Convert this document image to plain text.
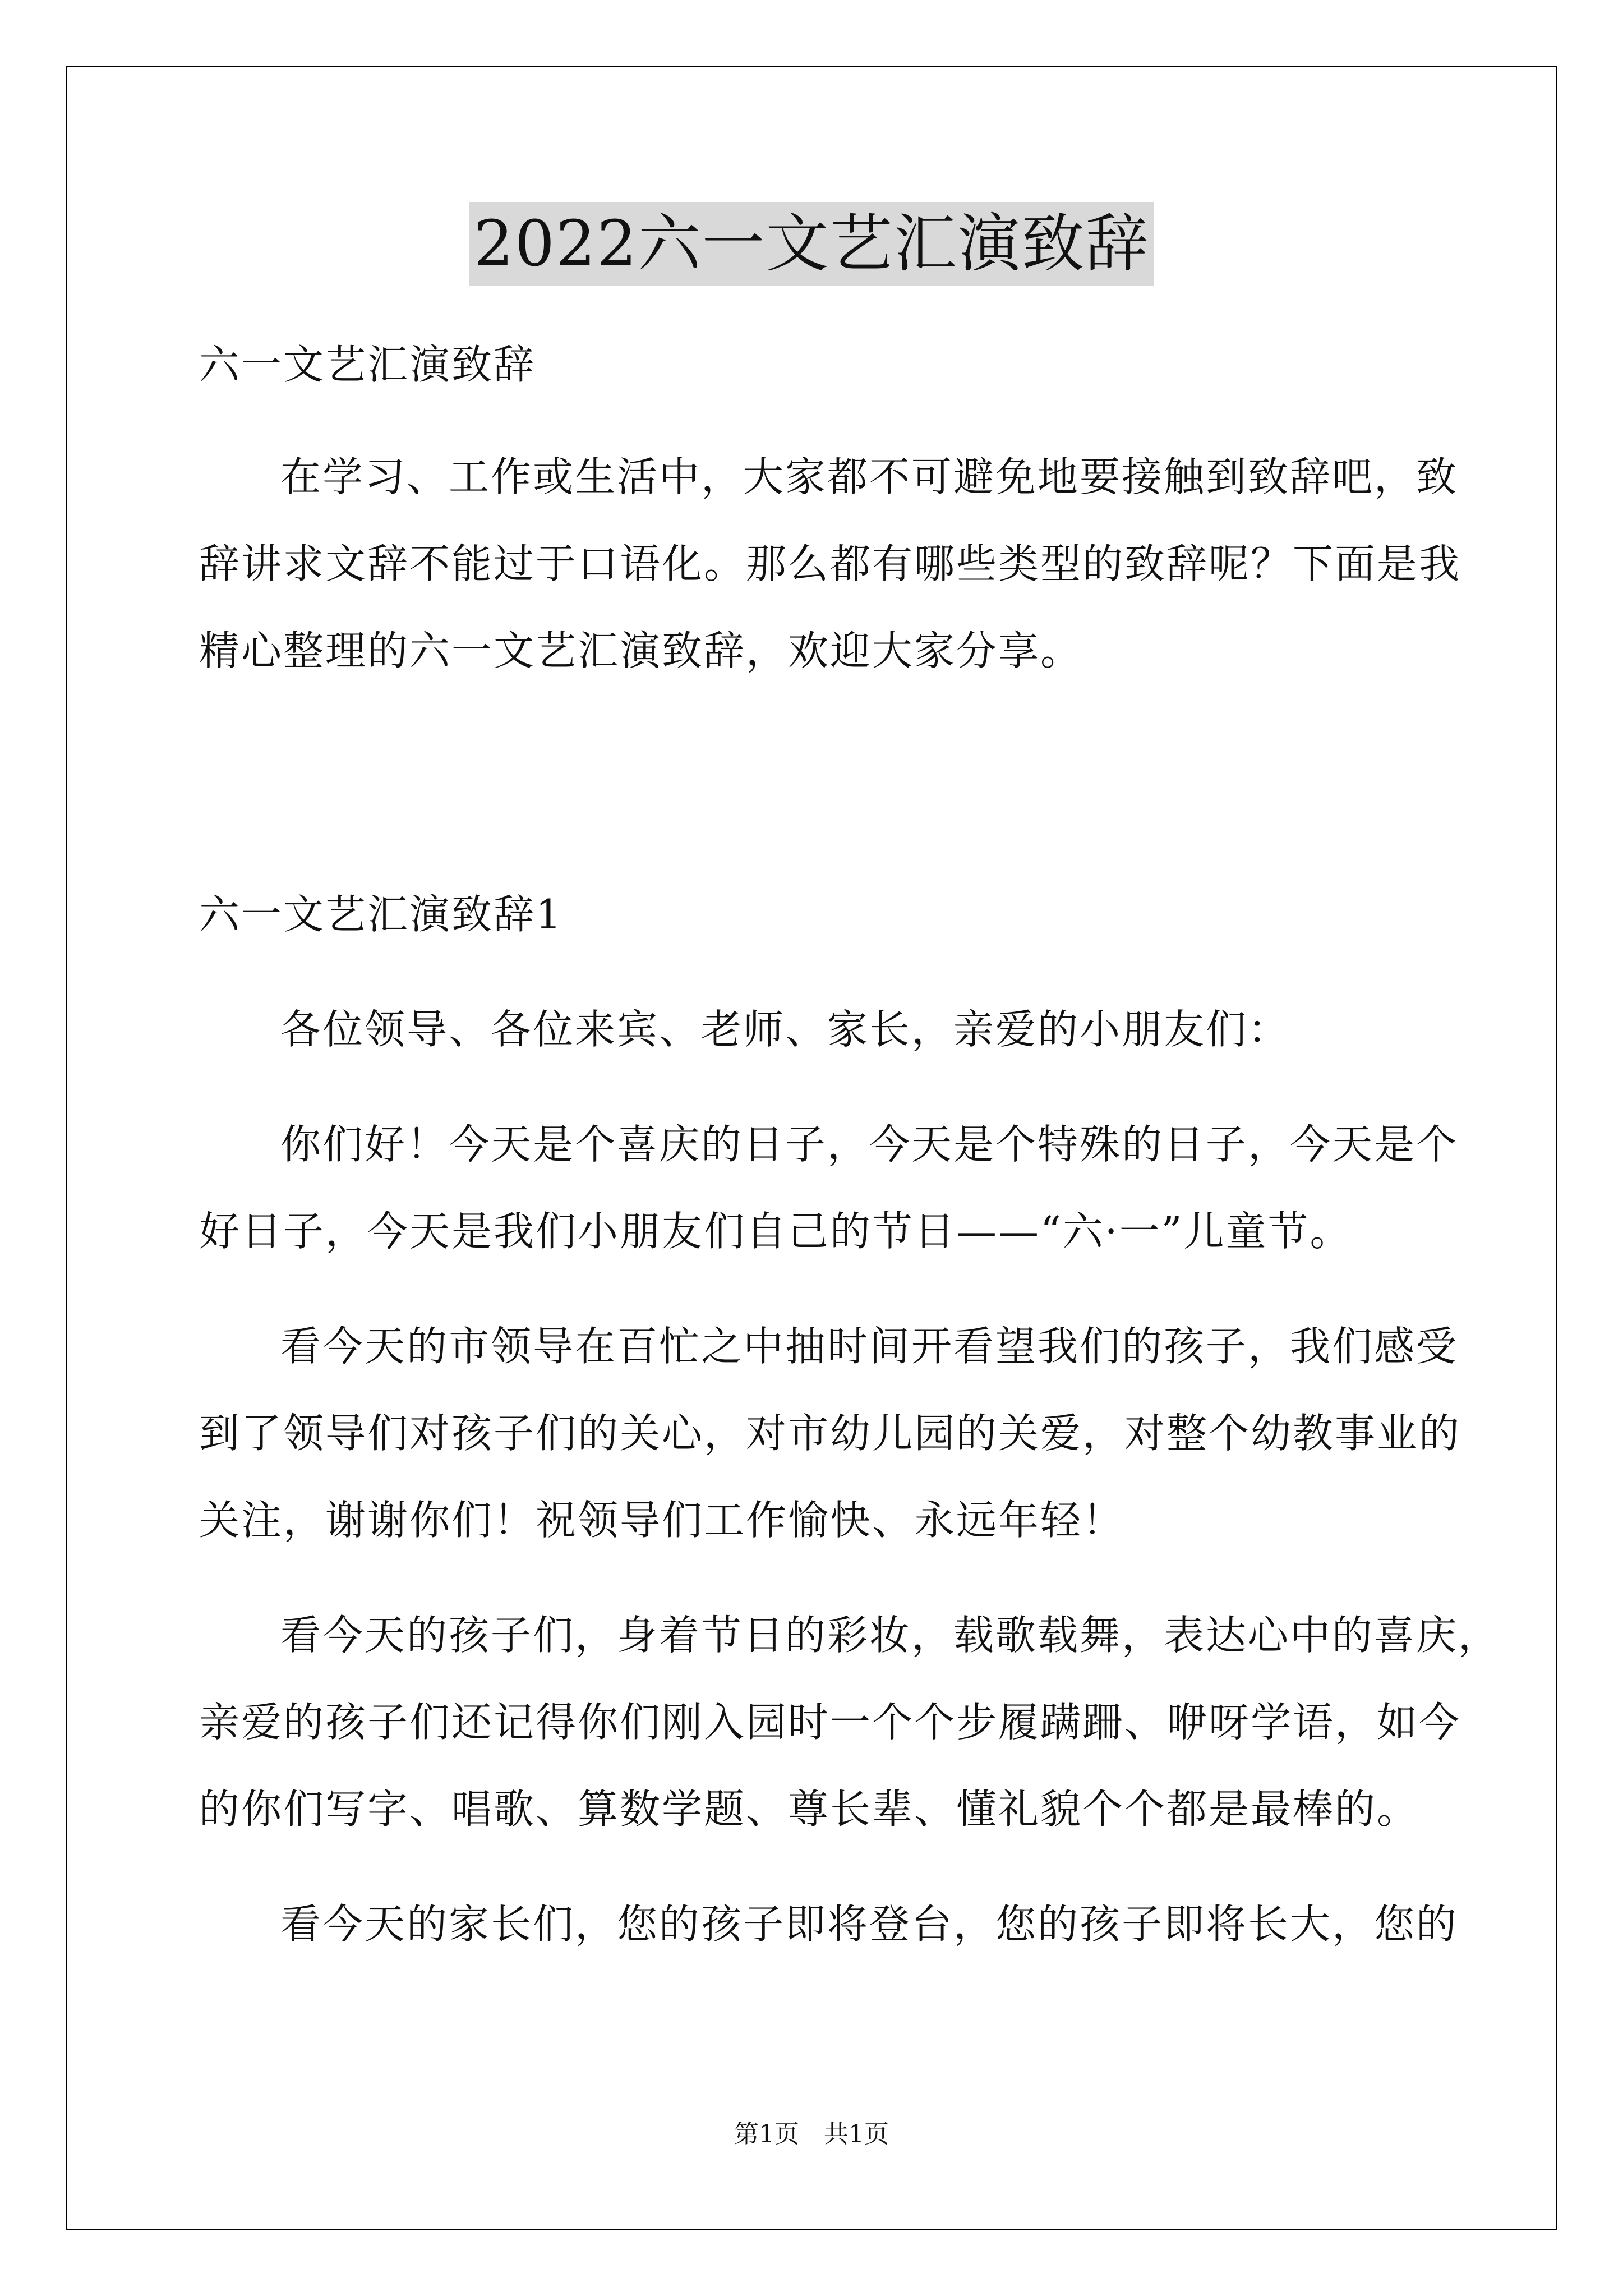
2022六一文艺汇演致辞
六一文艺汇演致辞
在学习、工作或生活中，大家都不可避免地要接触到致辞吧，致
辞讲求文辞不能过于口语化。那么都有哪些类型的致辞呢？下面是我
精心整理的六一文艺汇演致辞，欢迎大家分享。
六一文艺汇演致辞1
各位领导、各位来宾、老师、家长，亲爱的小朋友们：
你们好！今天是个喜庆的日子，今天是个特殊的日子，今天是个
好日子，今天是我们小朋友们自己的节日——“六·一”儿童节。
看今天的市领导在百忙之中抽时间开看望我们的孩子，我们感受
到了领导们对孩子们的关心，对市幼儿园的关爱，对整个幼教事业的
关注，谢谢你们！祝领导们工作愉快、永远年轻！
看今天的孩子们，身着节日的彩妆，载歌载舞，表达心中的喜庆，
亲爱的孩子们还记得你们刚入园时一个个步履蹒跚、咿呀学语，如今
的你们写字、唱歌、算数学题、尊长辈、懂礼貌个个都是最棒的。
看今天的家长们，您的孩子即将登台，您的孩子即将长大，您的
第1页　共1页
